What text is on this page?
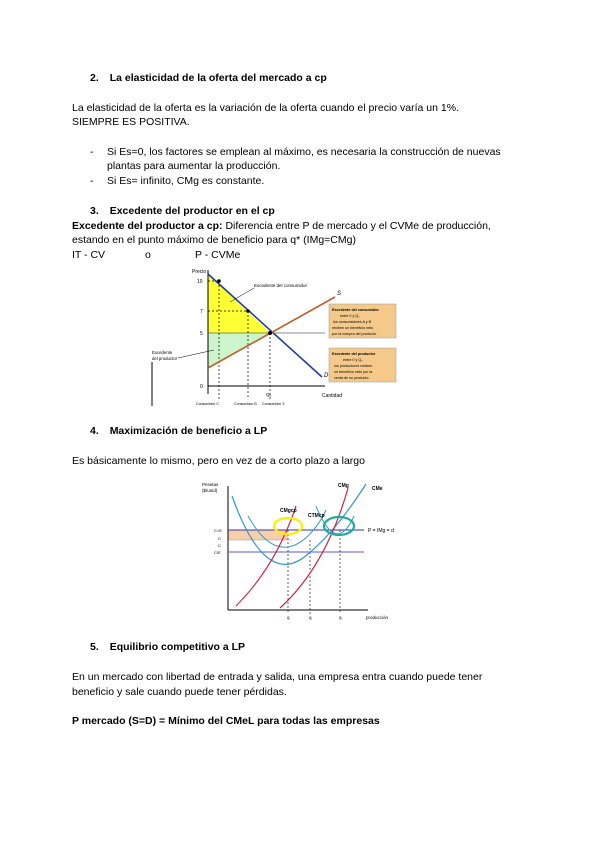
2. La elasticidad de la oferta del mercado a cp
La elasticidad de la oferta es la variación de la oferta cuando el precio varía un 1%.
SIEMPRE ES POSITIVA.
- Si Es=0, los factores se emplean al máximo, es necesaria la construcción de nuevas
plantas para aumentar la producción.
- Si Es= infinito, CMg es constante.
3. Excedente del productor en el cp
Excedente del productor a cp: Diferencia entre P de mercado y el CVMe de producción,
estando en el punto máximo de beneficio para q* (IMg=CMg)
IT - CV	o	P - CVMe
Precio
10
7
5
0
Cantidad
Consumidor C	Consumidor B Consumidor 3
Q₀
S
D
Excedente del consumidor
Excedente
del productor
Excedente del consumidor
entre 0 y Q₀
los consumidores A y B
reciben un beneficio neto
por la compra del producto.
Excedente del productor
entre 0 y Q₀
los productores reciben
un beneficio neto por la
venta de su producto.
4. Maximización de beneficio a LP
Es básicamente lo mismo, pero en vez de a corto plazo a largo
Pesetas
($/unid)
C=E
C
C
C/E
q	q	q	producción
CMg	CMe
CMgcp
CTMcp
P = IMg = d
5. Equilibrio competitivo a LP
En un mercado con libertad de entrada y salida, una empresa entra cuando puede tener
beneficio y sale cuando puede tener pérdidas.
P mercado (S=D) = Mínimo del CMeL para todas las empresas
